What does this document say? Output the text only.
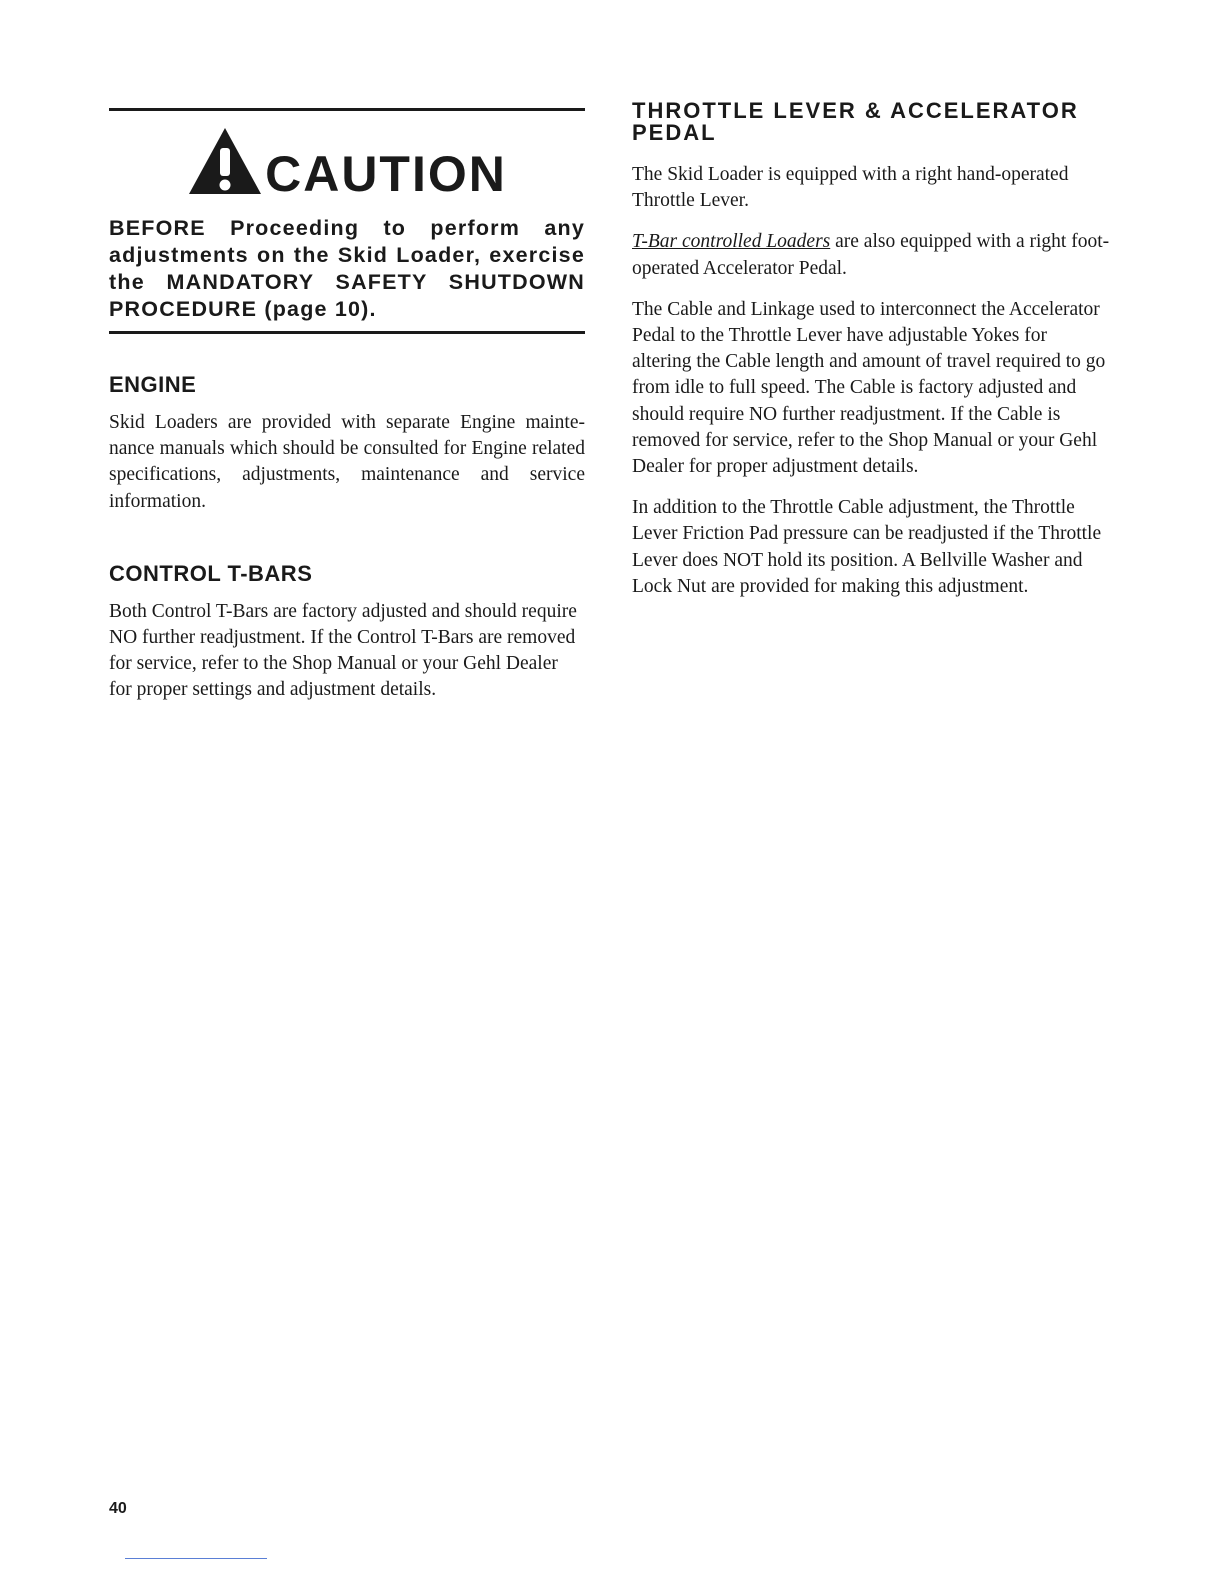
CAUTION

BEFORE Proceeding to perform any adjustments on the Skid Loader, exercise the MANDATORY SAFETY SHUTDOWN PROCEDURE (page 10).

ENGINE

Skid Loaders are provided with separate Engine mainte-nance manuals which should be consulted for Engine related specifications, adjustments, maintenance and service information.

CONTROL T-BARS

Both Control T-Bars are factory adjusted and should require NO further readjustment. If the Control T-Bars are removed for service, refer to the Shop Manual or your Gehl Dealer for proper settings and adjustment details.

THROTTLE LEVER & ACCELERATOR PEDAL

The Skid Loader is equipped with a right hand-operated Throttle Lever.

T-Bar controlled Loaders are also equipped with a right foot-operated Accelerator Pedal.

The Cable and Linkage used to interconnect the Accelerator Pedal to the Throttle Lever have adjustable Yokes for altering the Cable length and amount of travel required to go from idle to full speed. The Cable is factory adjusted and should require NO further readjustment. If the Cable is removed for service, refer to the Shop Manual or your Gehl Dealer for proper adjustment details.

In addition to the Throttle Cable adjustment, the Throttle Lever Friction Pad pressure can be readjusted if the Throttle Lever does NOT hold its position. A Bellville Washer and Lock Nut are provided for making this adjustment.

40
